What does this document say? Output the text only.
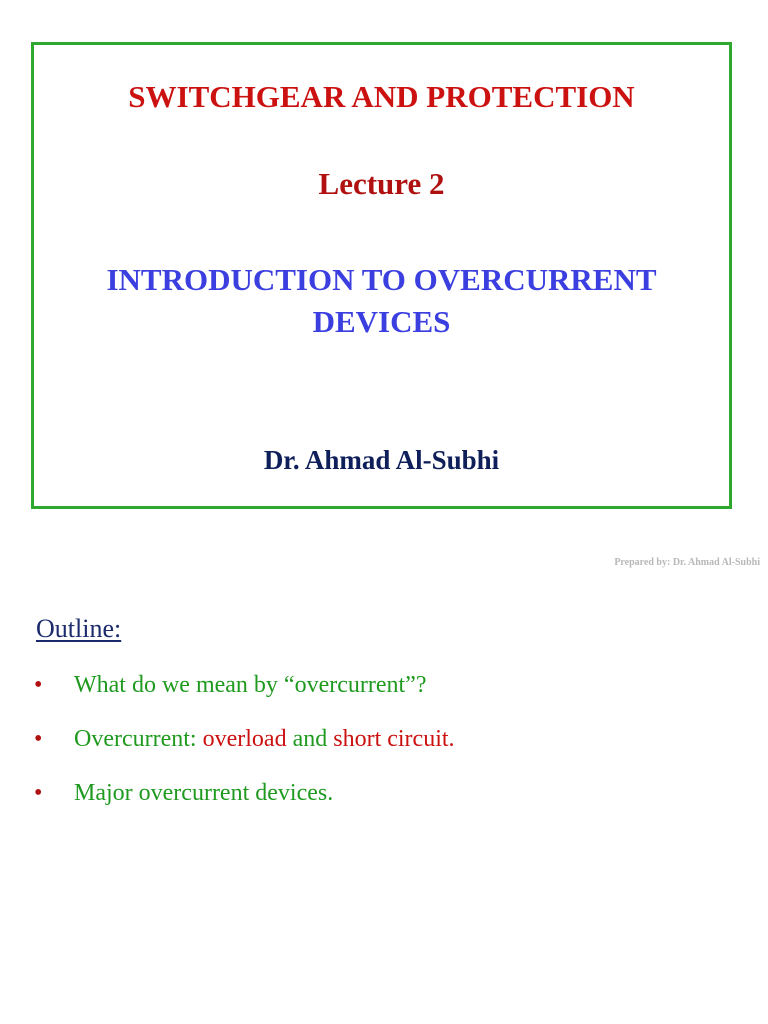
SWITCHGEAR AND PROTECTION

Lecture 2

INTRODUCTION TO OVERCURRENT
DEVICES

Dr. Ahmad Al-Subhi

Prepared by: Dr. Ahmad Al-Subhi
Outline:
• What do we mean by “overcurrent”?
• Overcurrent: overload and short circuit.
• Major overcurrent devices.
